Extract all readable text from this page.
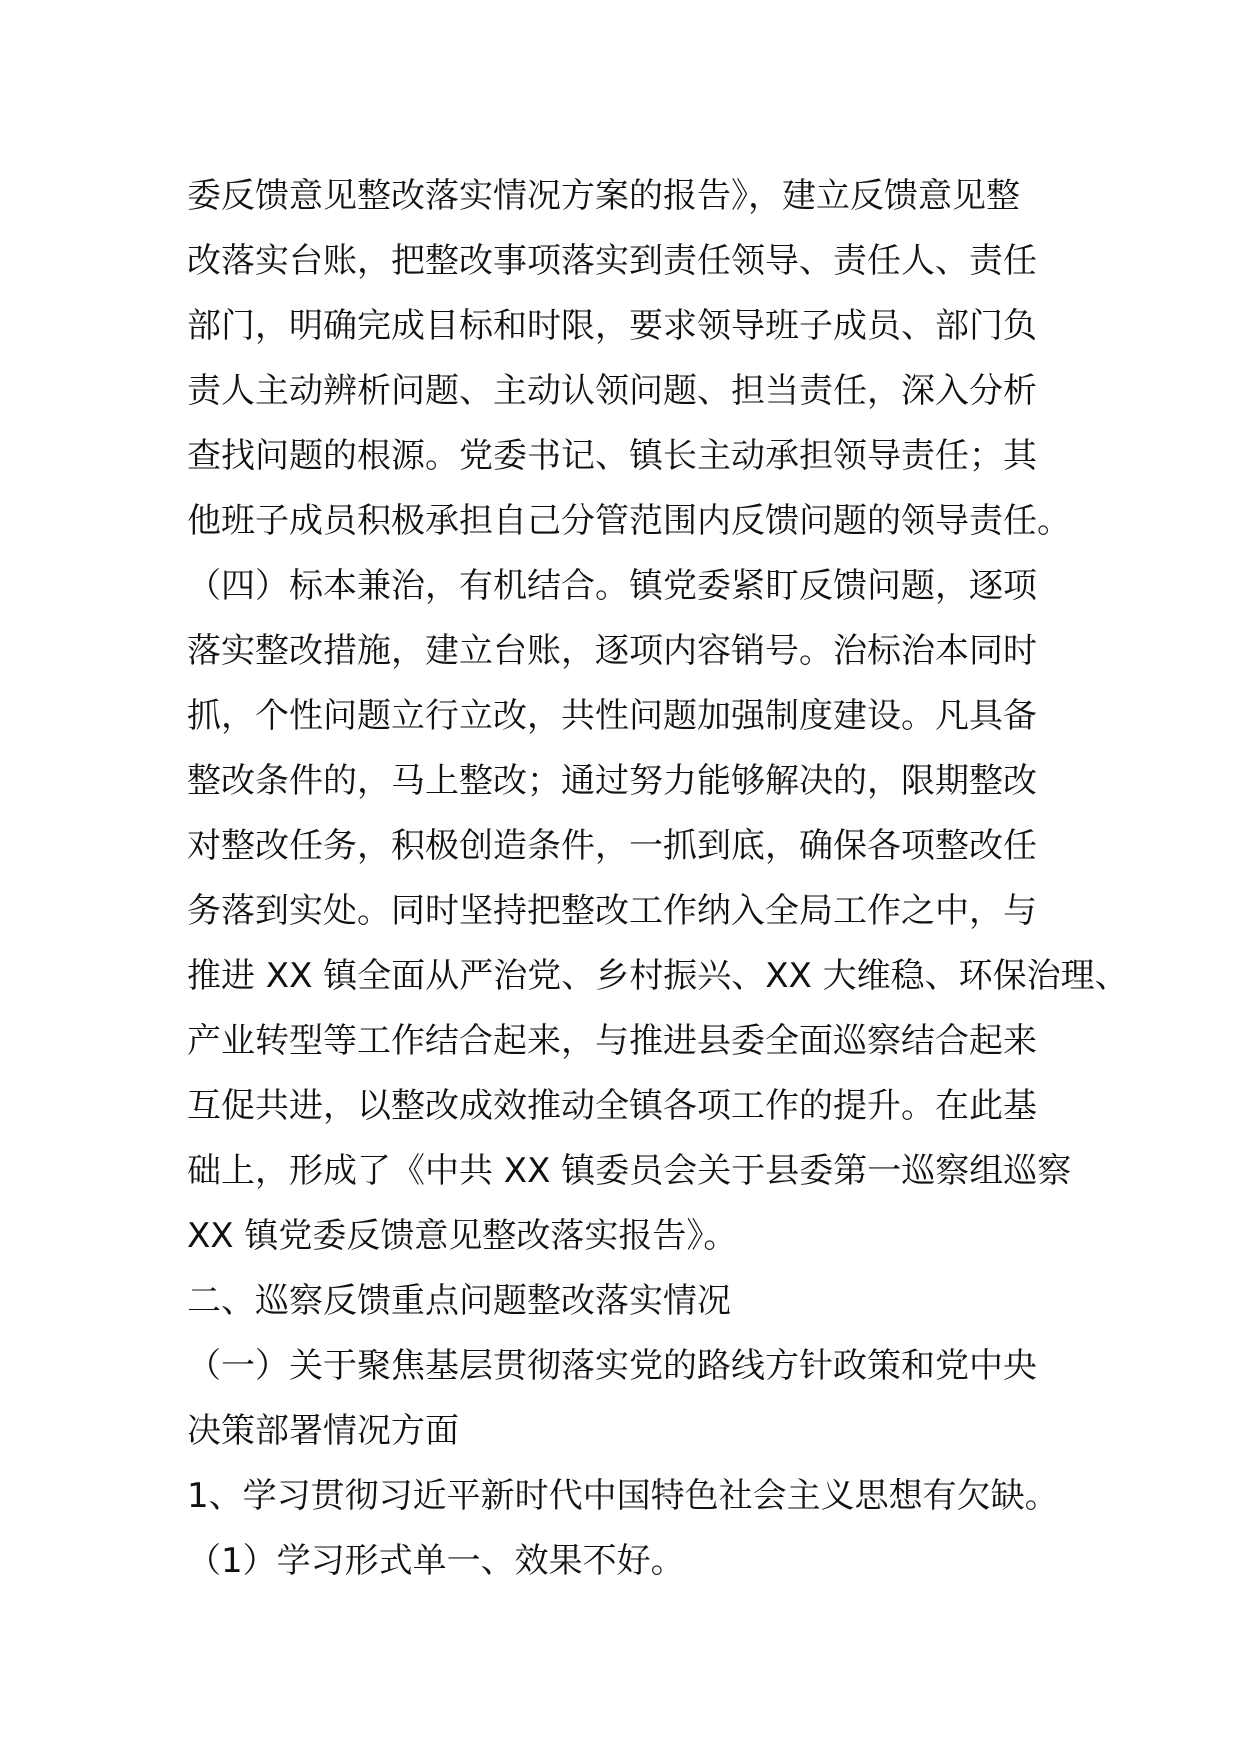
委反馈意见整改落实情况方案的报告》，建立反馈意见整
改落实台账，把整改事项落实到责任领导、责任人、责任
部门，明确完成目标和时限，要求领导班子成员、部门负
责人主动辨析问题、主动认领问题、担当责任，深入分析
查找问题的根源。党委书记、镇长主动承担领导责任；其
他班子成员积极承担自己分管范围内反馈问题的领导责任。
（四）标本兼治，有机结合。镇党委紧盯反馈问题，逐项
落实整改措施，建立台账，逐项内容销号。治标治本同时
抓，个性问题立行立改，共性问题加强制度建设。凡具备
整改条件的，马上整改；通过努力能够解决的，限期整改
对整改任务，积极创造条件，一抓到底，确保各项整改任
务落到实处。同时坚持把整改工作纳入全局工作之中，与
推进 XX 镇全面从严治党、乡村振兴、XX 大维稳、环保治理、
产业转型等工作结合起来，与推进县委全面巡察结合起来
互促共进，以整改成效推动全镇各项工作的提升。在此基
础上，形成了《中共 XX 镇委员会关于县委第一巡察组巡察
XX 镇党委反馈意见整改落实报告》。
二、巡察反馈重点问题整改落实情况
（一）关于聚焦基层贯彻落实党的路线方针政策和党中央
决策部署情况方面
1、学习贯彻习近平新时代中国特色社会主义思想有欠缺。
（1）学习形式单一、效果不好。
